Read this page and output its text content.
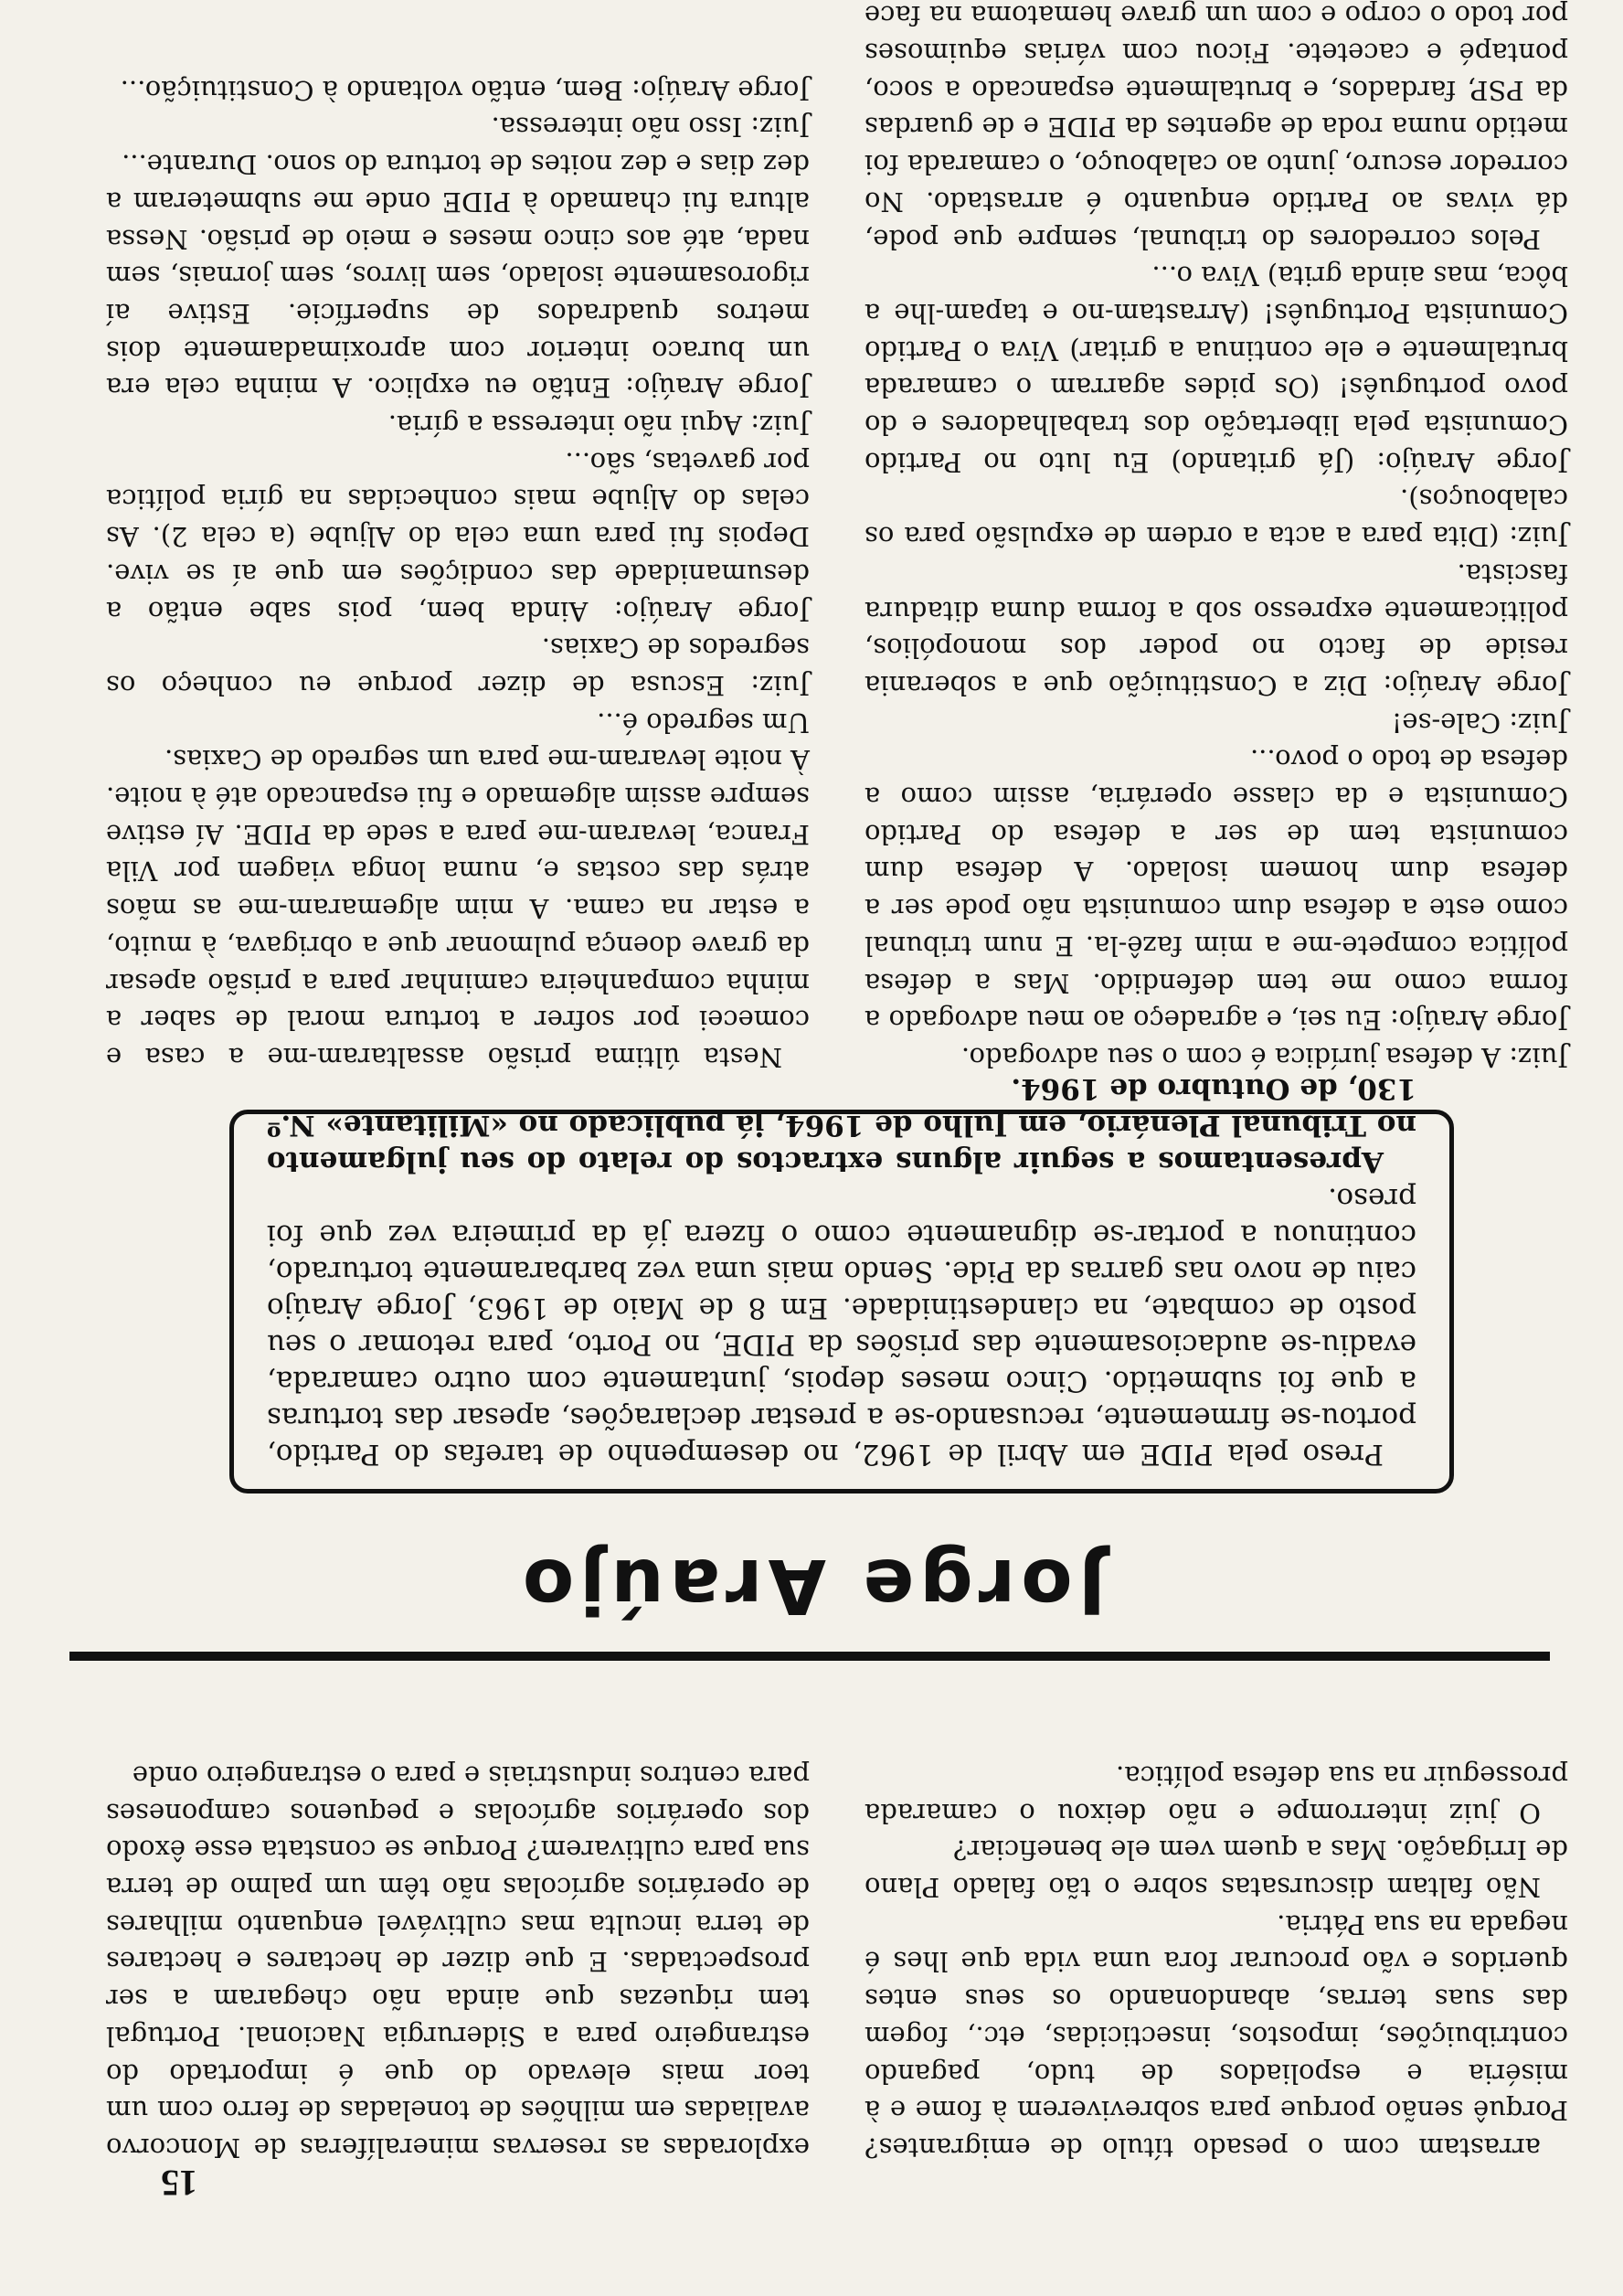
15

arrastam com o pesado título de emigrantes? Porquê senão porque para sobreviverem à fome e à miséria e espoliados de tudo, pagando contribuições, impostos, insecticidas, etc., fogem das suas terras, abandonando os seus entes queridos e vão procurar fora uma vida que lhes é negada na sua Pátria.

Não faltam discursatas sobre o tão falado Plano de Irrigação. Mas a quem vem ele beneficiar?

O juiz interrompe e não deixou o camarada prosseguir na sua defesa política.

exploradas as reservas mineralíferas de Moncorvo avaliadas em milhões de toneladas de ferro com um teor mais elevado do que é importado do estrangeiro para a Siderurgia Nacional. Portugal tem riquezas que ainda não chegaram a ser prospectadas. E que dizer de hectares e hectares de terra inculta mas cultivável enquanto milhares de operários agrícolas não têm um palmo de terra sua para cultivarem? Porque se constata esse êxodo dos operários agrícolas e pequenos camponeses para centros industriais e para o estrangeiro onde

Jorge Araújo

Preso pela PIDE em Abril de 1962, no desempenho de tarefas do Partido, portou-se firmemente, recusando-se a prestar declarações, apesar das torturas a que foi submetido. Cinco meses depois, juntamente com outro camarada, evadiu-se audaciosamente das prisões da PIDE, no Porto, para retomar o seu posto de combate, na clandestinidade. Em 8 de Maio de 1963, Jorge Araújo caiu de novo nas garras da Pide. Sendo mais uma vez barbaramente torturado, continuou a portar-se dignamente como o fizera já da primeira vez que foi preso.

Apresentamos a seguir alguns extractos do relato do seu julgamento no Tribunal Plenário, em Julho de 1964, já publicado no «Militante» N.º 130, de Outubro de 1964.

Nesta última prisão assaltaram-me a casa e comecei por sofrer a tortura moral de saber a minha companheira caminhar para a prisão apesar da grave doença pulmonar que a obrigava, à muito, a estar na cama. A mim algemaram-me as mãos atrás das costas e, numa longa viagem por Vila Franca, levaram-me para a sede da PIDE. Aí estive sempre assim algemado e fui espancado até à noite. À noite levaram-me para um segredo de Caxias.

Um segredo é...

Juiz: Escusa de dizer porque eu conheço os segredos de Caxias.

Jorge Araújo: Ainda bem, pois sabe então a desumanidade das condições em que aí se vive. Depois fui para uma cela do Aljube (a cela 2). As celas do Aljube mais conhecidas na gíria política por gavetas, são...

Juiz: Aqui não interessa a gíria.

Jorge Araújo: Então eu explico. A minha cela era um buraco interior com aproximadamente dois metros quadrados de superfície. Estive aí rigorosamente isolado, sem livros, sem jornais, sem nada, até aos cinco meses e meio de prisão. Nessa altura fui chamado à PIDE onde me submeteram a dez dias e dez noites de tortura do sono. Durante...

Juiz: Isso não interessa.

Jorge Araújo: Bem, então voltando à Constituição...

Juiz: A defesa jurídica é com o seu advogado.

Jorge Araújo: Eu sei, e agradeço ao meu advogado a forma como me tem defendido. Mas a defesa política compete-me a mim fazê-la. E num tribunal como este a defesa dum comunista não pode ser a defesa dum homem isolado. A defesa dum comunista tem de ser a defesa do Partido Comunista e da classe operária, assim como a defesa de todo o povo...

Juiz: Cale-se!

Jorge Araújo: Diz a Constituição que a soberania reside de facto no poder dos monopólios, politicamente expresso sob a forma duma ditadura fascista.

Juiz: (Dita para a acta a ordem de expulsão para os calabouços).

Jorge Araújo: (Já gritando) Eu luto no Partido Comunista pela libertação dos trabalhadores e do povo português! (Os pides agarram o camarada brutalmente e ele continua a gritar) Viva o Partido Comunista Português! (Arrastam-no e tapam-lhe a bôca, mas ainda grita) Viva o...

Pelos corredores do tribunal, sempre que pode, dá vivas ao Partido enquanto é arrastado. No corredor escuro, junto ao calabouço, o camarada foi metido numa roda de agentes da PIDE e de guardas da PSP, fardados, e brutalmente espancado a soco, pontapé e cacetete. Ficou com várias equimoses por todo o corpo e com um grave hematoma na face
